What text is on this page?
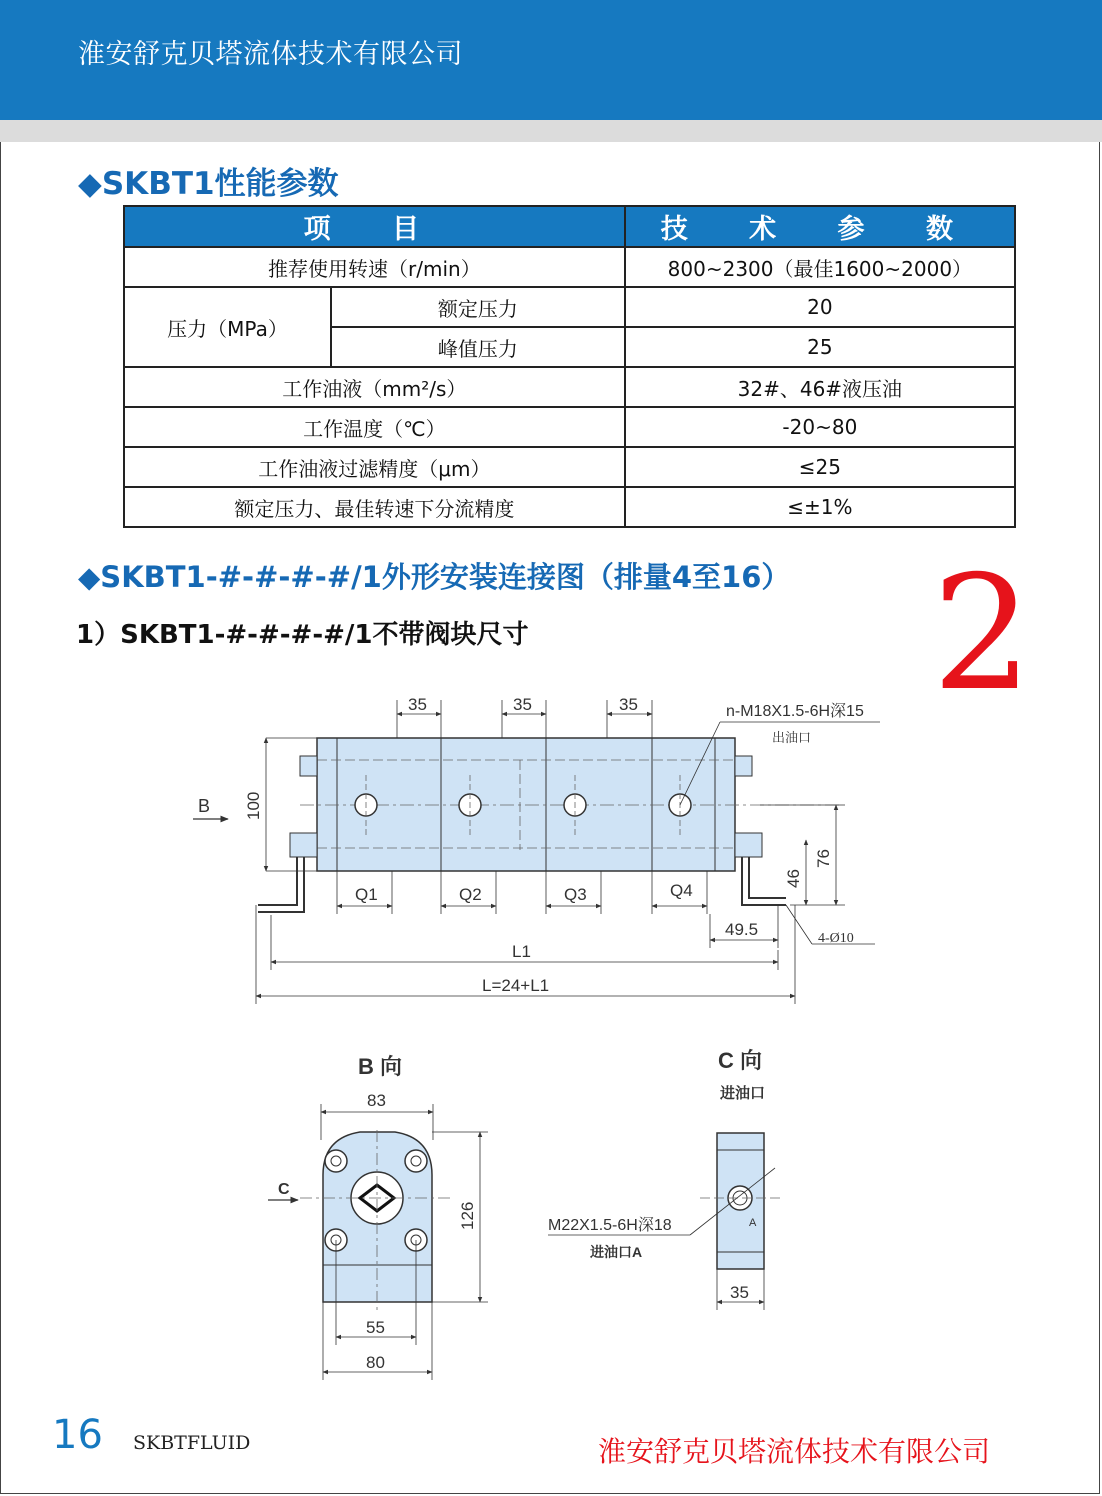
淮安舒克贝塔流体技术有限公司
◆SKBT1性能参数
项 目		技 术 参 数
推荐使用转速（r/min）		800~2300（最佳1600~2000）
压力（MPa）	额定压力	20
	峰值压力	25
工作油液（mm²/s）		32#、46#液压油
工作温度（℃）		-20~80
工作油液过滤精度（μm）		≤25
额定压力、最佳转速下分流精度		≤±1%
◆SKBT1-#-#-#-#/1外形安装连接图（排量4至16）
1）SKBT1-#-#-#-#/1不带阀块尺寸	2
35	35	35	n-M18X1.5-6H深15
出油口
B 100
76
46
Q1	Q2	Q3	Q4
49.5	4-Ø10
L1
L=24+L1
B 向
83
C
126
55
80
C 向
进油口
A
M22X1.5-6H深18
进油口A
35
16 SKBTFLUID	淮安舒克贝塔流体技术有限公司
